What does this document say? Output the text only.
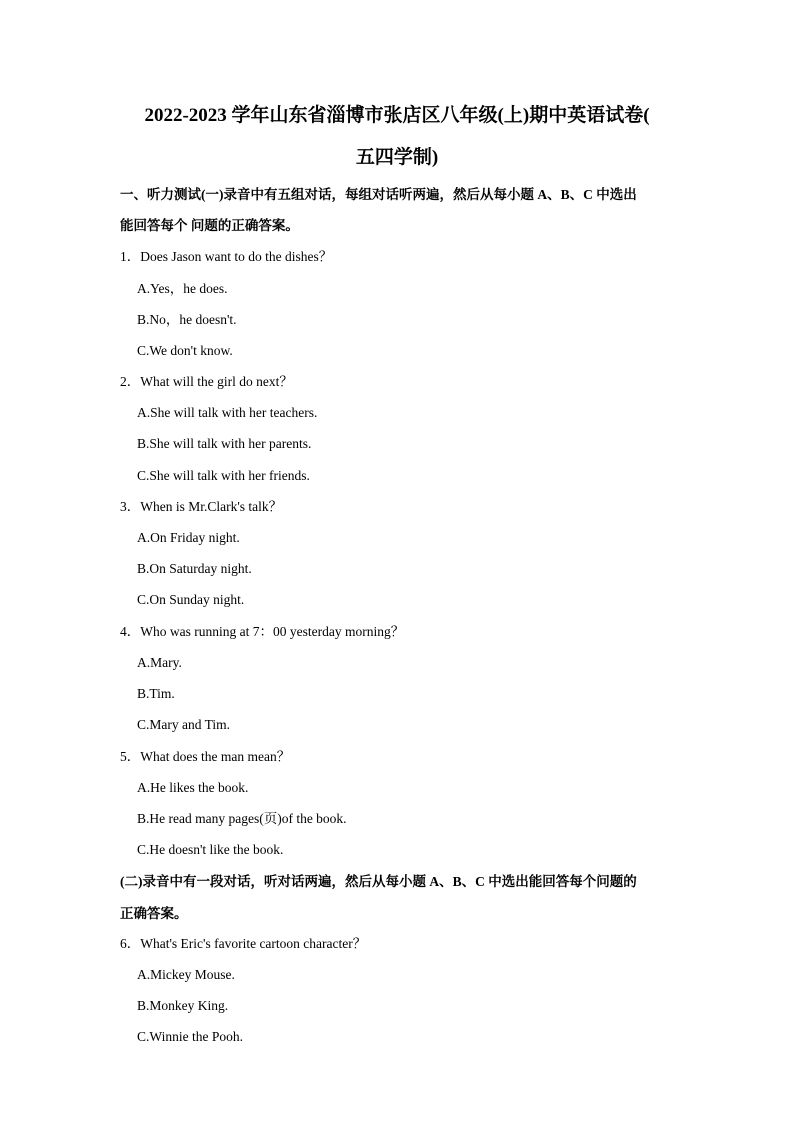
2022-2023 学年山东省淄博市张店区八年级(上)期中英语试卷(
五四学制)
一、听力测试(一)录音中有五组对话，每组对话听两遍，然后从每小题 A、B、C 中选出
能回答每个 问题的正确答案。
1．Does Jason want to do the dishes？
A.Yes，he does.
B.No，he doesn't.
C.We don't know.
2．What will the girl do next？
A.She will talk with her teachers.
B.She will talk with her parents.
C.She will talk with her friends.
3．When is Mr.Clark's talk？
A.On Friday night.
B.On Saturday night.
C.On Sunday night.
4．Who was running at 7：00 yesterday morning？
A.Mary.
B.Tim.
C.Mary and Tim.
5．What does the man mean？
A.He likes the book.
B.He read many pages(页)of the book.
C.He doesn't like the book.
(二)录音中有一段对话，听对话两遍，然后从每小题 A、B、C 中选出能回答每个问题的
正确答案。
6．What's Eric's favorite cartoon character？
A.Mickey Mouse.
B.Monkey King.
C.Winnie the Pooh.
